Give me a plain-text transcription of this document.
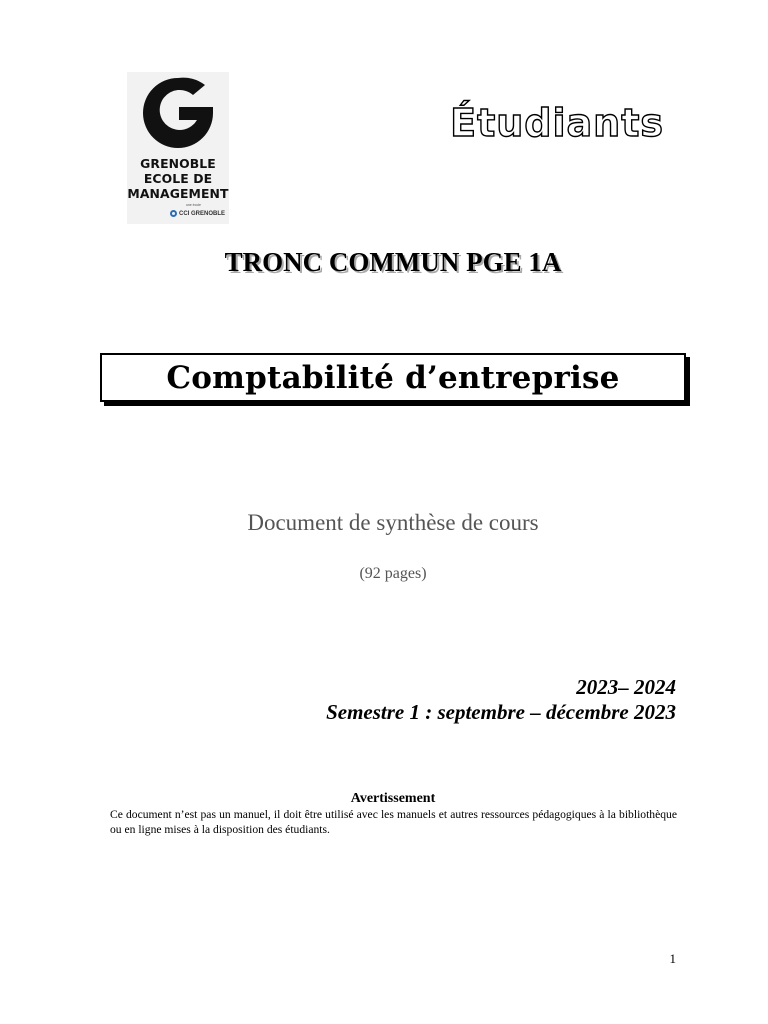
GRENOBLE
ECOLE DE
MANAGEMENT
une école
CCI GRENOBLE
Étudiants
TRONC COMMUN PGE 1A
Comptabilité d’entreprise
Document de synthèse de cours
(92 pages)
2023– 2024
Semestre 1 : septembre – décembre 2023
Avertissement
Ce document n’est pas un manuel, il doit être utilisé avec les manuels et autres ressources pédagogiques à la bibliothèque ou en ligne mises à la disposition des étudiants.
1
